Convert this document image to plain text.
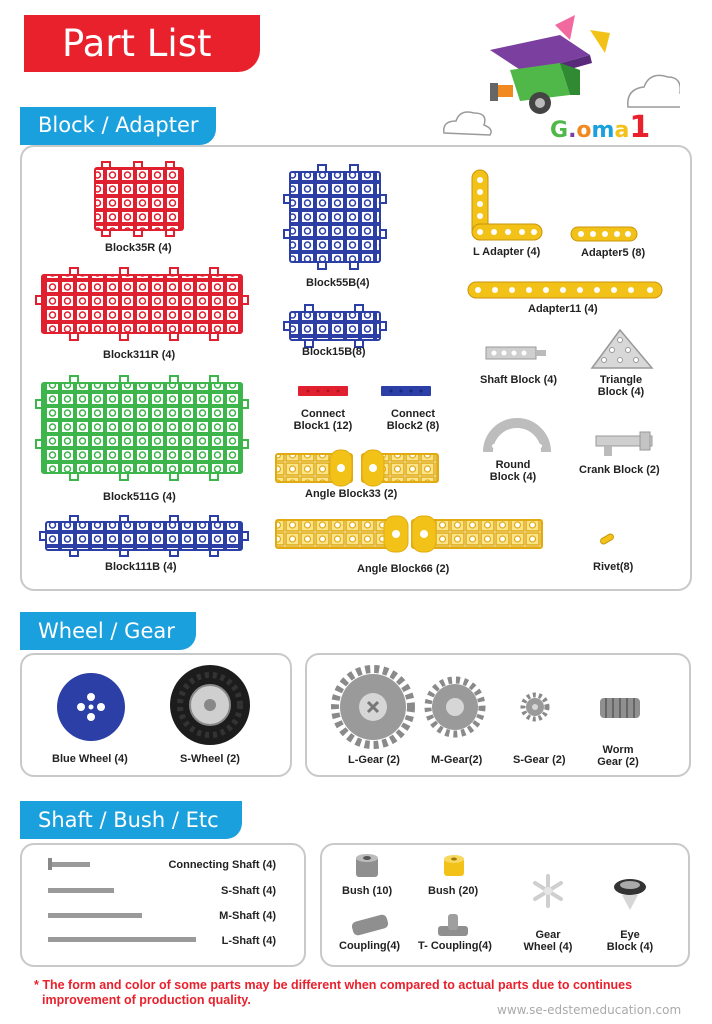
Part List
G.oma1
Block / Adapter
Block35R (4)
Block311R (4)
Block511G (4)
Block111B (4)
Block55B(4)
Block15B(8)
Connect
Block1 (12)
Connect
Block2 (8)
Angle Block33 (2)
Angle Block66 (2)
L Adapter (4)	Adapter5 (8)
Adapter11 (4)
Shaft Block (4)	Triangle
Block (4)
Round
Block (4)
Crank Block (2)
Rivet(8)
Wheel / Gear
Blue Wheel (4)	S-Wheel (2)	L-Gear (2)	M-Gear(2)	S-Gear (2)
Worm
Gear (2)
Shaft / Bush / Etc
Connecting Shaft (4)
S-Shaft (4)
M-Shaft (4)
L-Shaft (4)
Bush (10)	Bush (20)
Coupling(4) T- Coupling(4)
Gear
Wheel (4)
Eye
Block (4)
* The form and color of some parts may be different when compared to actual parts due to continues
improvement of production quality.
www.se-edstemeducation.com
